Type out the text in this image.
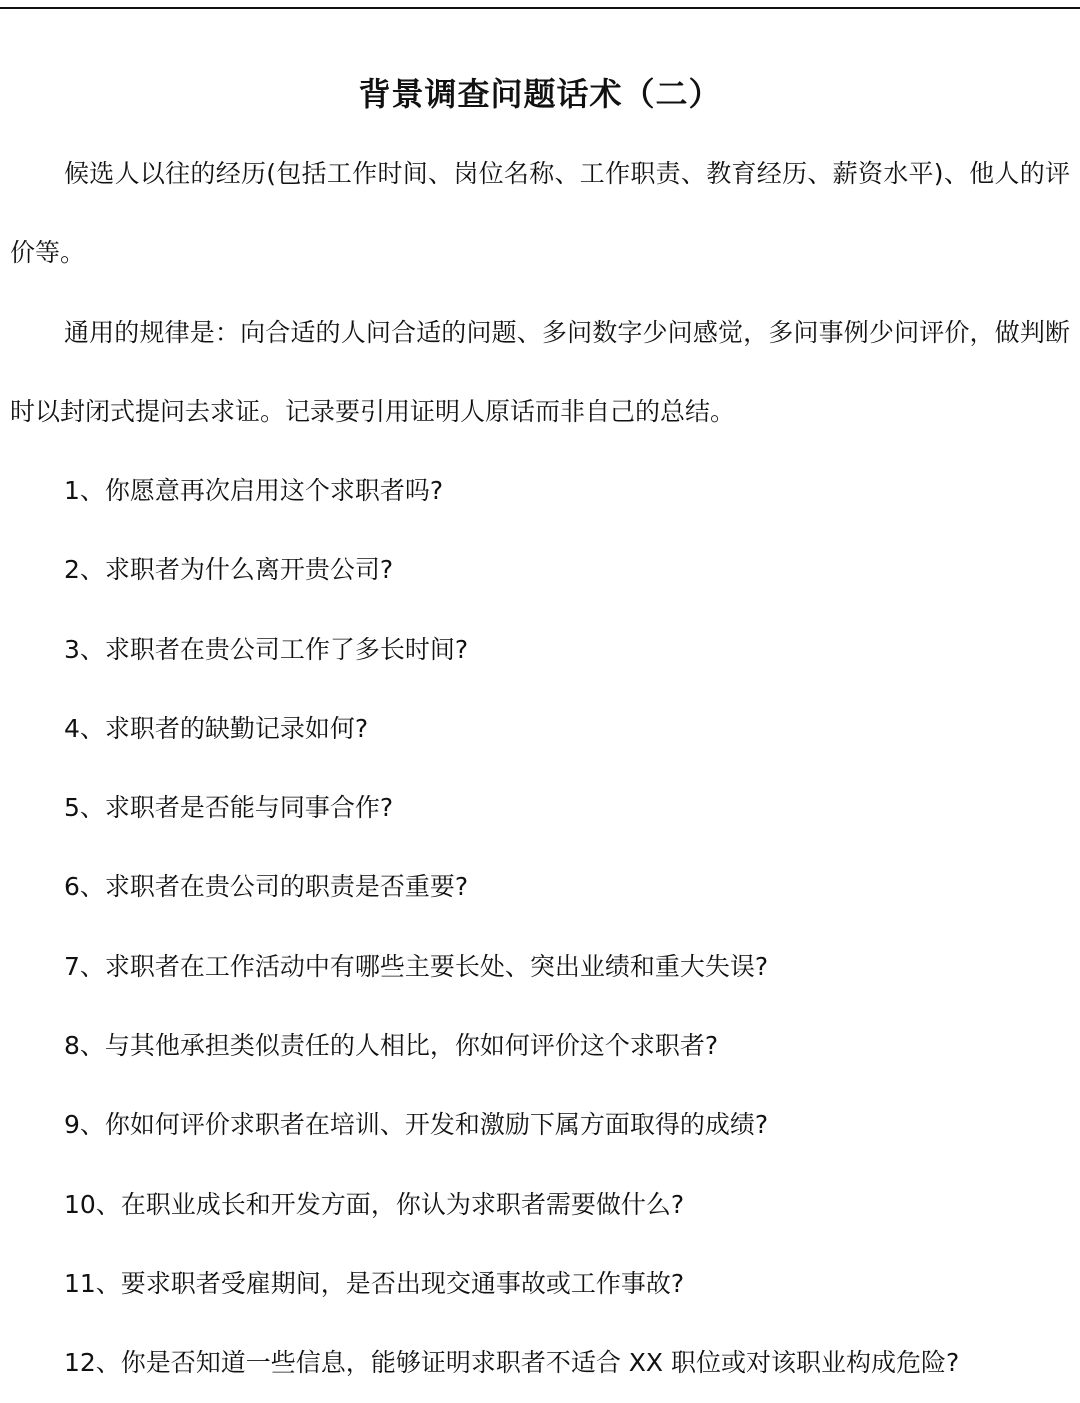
背景调查问题话术（二）
候选人以往的经历(包括工作时间、岗位名称、工作职责、教育经历、薪资水平)、他人的评价等。
通用的规律是：向合适的人问合适的问题、多问数字少问感觉，多问事例少问评价，做判断时以封闭式提问去求证。记录要引用证明人原话而非自己的总结。
1、你愿意再次启用这个求职者吗?
2、求职者为什么离开贵公司?
3、求职者在贵公司工作了多长时间?
4、求职者的缺勤记录如何?
5、求职者是否能与同事合作?
6、求职者在贵公司的职责是否重要?
7、求职者在工作活动中有哪些主要长处、突出业绩和重大失误?
8、与其他承担类似责任的人相比，你如何评价这个求职者?
9、你如何评价求职者在培训、开发和激励下属方面取得的成绩?
10、在职业成长和开发方面，你认为求职者需要做什么?
11、要求职者受雇期间，是否出现交通事故或工作事故?
12、你是否知道一些信息，能够证明求职者不适合 XX 职位或对该职业构成危险?
